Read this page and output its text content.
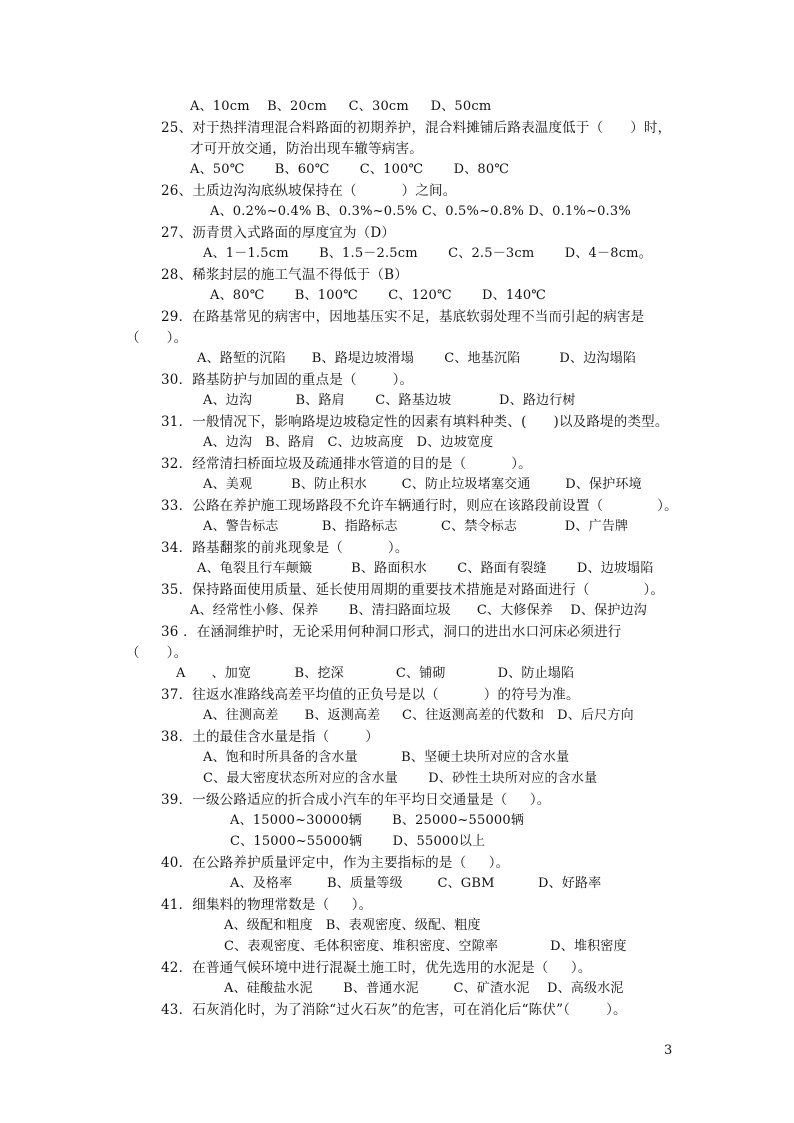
A、10cm    B、20cm     C、30cm     D、50cm
25、对于热拌清理混合料路面的初期养护，混合料摊铺后路表温度低于（      ）时，
才可开放交通，防治出现车辙等病害。
A、50℃       B、60℃       C、100℃       D、80℃
26、土质边沟沟底纵坡保持在（          ）之间。
A、0.2%~0.4% B、0.3%~0.5% C、0.5%~0.8% D、0.1%~0.3%
27、沥青贯入式路面的厚度宜为（D）
A、1－1.5cm       B、1.5－2.5cm       C、2.5－3cm       D、4－8cm。
28、稀浆封层的施工气温不得低于（B）
A、80℃       B、100℃       C、120℃       D、140℃
29．在路基常见的病害中，因地基压实不足，基底软弱处理不当而引起的病害是
（      ）。
A、路堑的沉陷      B、路堤边坡滑塌       C、地基沉陷         D、边沟塌陷
30．路基防护与加固的重点是（        ）。
A、边沟          B、路肩       C、路基边坡           D、路边行树
31．一般情况下，影响路堤边坡稳定性的因素有填料种类、(      )以及路堤的类型。
A、边沟   B、路肩   C、边坡高度   D、边坡宽度
32．经常清扫桥面垃圾及疏通排水管道的目的是（          ）。
A、美观         B、防止积水        C、防止垃圾堵塞交通        D、保护环境
33．公路在养护施工现场路段不允许车辆通行时，则应在该路段前设置（            ）。
A、警告标志          B、指路标志          C、禁令标志           D、广告牌
34．路基翻浆的前兆现象是（          ）。
A、龟裂且行车颠簸         B、路面积水       C、路面有裂缝       D、边坡塌陷
35．保持路面使用质量、延长使用周期的重要技术措施是对路面进行（            ）。
A、经常性小修、保养       B、清扫路面垃圾      C、大修保养    D、保护边沟
36 ．在涵洞维护时，无论采用何种洞口形式，洞口的进出水口河床必须进行
（      ）。
A      、加宽          B、挖深            C、铺砌            D、防止塌陷
37．往返水准路线高差平均值的正负号是以（          ）的符号为准。
A、往测高差      B、返测高差     C、往返测高差的代数和   D、后尺方向
38．土的最佳含水量是指（        ）
A、饱和时所具备的含水量          B、坚硬土块所对应的含水量
C、最大密度状态所对应的含水量       D、砂性土块所对应的含水量
39．一级公路适应的折合成小汽车的年平均日交通量是（     ）。
A、15000~30000辆       B、25000~55000辆
C、15000~55000辆       D、55000以上
40．在公路养护质量评定中，作为主要指标的是（     ）。
A、及格率        B、质量等级        C、GBM          D、好路率
41．细集料的物理常数是（     ）。
A、级配和粗度   B、表观密度、级配、粗度
C、表观密度、毛体积密度、堆积密度、空隙率            D、堆积密度
42．在普通气候环境中进行混凝土施工时，优先选用的水泥是（     ）。
A、硅酸盐水泥       B、普通水泥        C、矿渣水泥    D、高级水泥
43．石灰消化时，为了消除“过火石灰”的危害，可在消化后“陈伏”（        ）。
3
